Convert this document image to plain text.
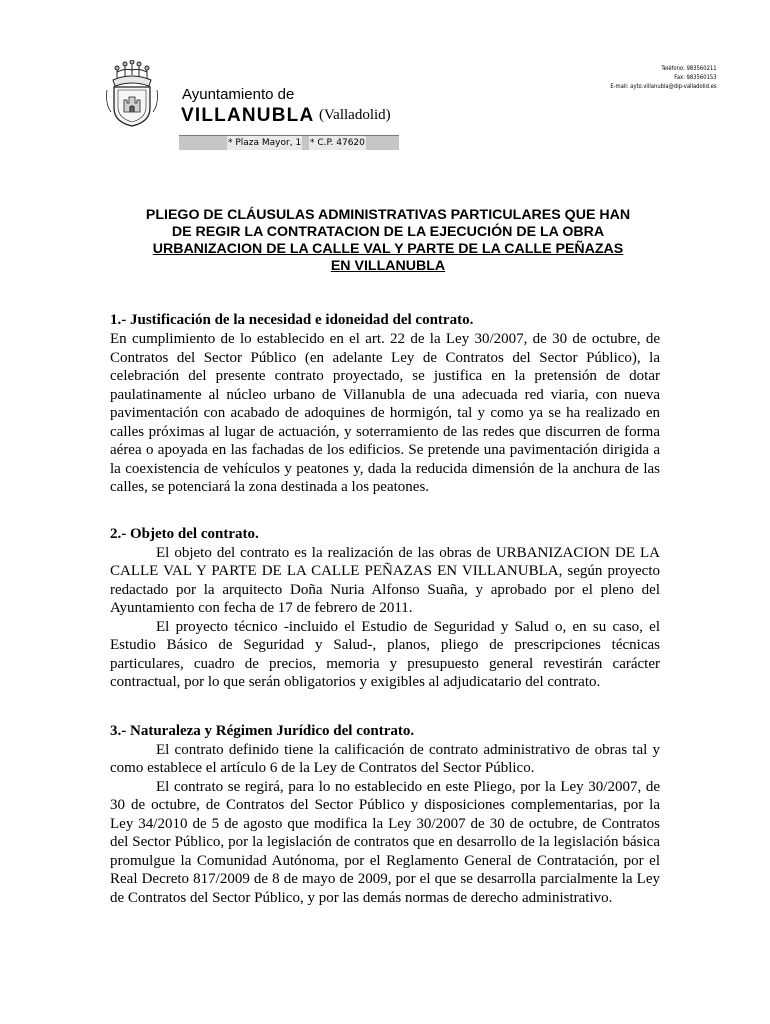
Teléfono: 983560211
Fax: 983560153
E-mail: ayto.villanubla@dip-valladolid.es
Ayuntamiento de
VILLANUBLA (Valladolid)
* Plaza Mayor, 1 * C.P. 47620
PLIEGO DE CLÁUSULAS ADMINISTRATIVAS PARTICULARES QUE HAN
DE REGIR LA CONTRATACION DE LA EJECUCIÓN DE LA OBRA
URBANIZACION DE LA CALLE VAL Y PARTE DE LA CALLE PEÑAZAS
EN VILLANUBLA
1.- Justificación de la necesidad e idoneidad del contrato.

En cumplimiento de lo establecido en el art. 22 de la Ley 30/2007, de 30 de octubre, de Contratos del Sector Público (en adelante Ley de Contratos del Sector Público), la celebración del presente contrato proyectado, se justifica en la pretensión de dotar paulatinamente al núcleo urbano de Villanubla de una adecuada red viaria, con nueva pavimentación con acabado de adoquines de hormigón, tal y como ya se ha realizado en calles próximas al lugar de actuación, y soterramiento de las redes que discurren de forma aérea o apoyada en las fachadas de los edificios. Se pretende una pavimentación dirigida a la coexistencia de vehículos y peatones y, dada la reducida dimensión de la anchura de las calles, se potenciará la zona destinada a los peatones.

2.- Objeto del contrato.

El objeto del contrato es la realización de las obras de URBANIZACION DE LA CALLE VAL Y PARTE DE LA CALLE PEÑAZAS EN VILLANUBLA, según proyecto redactado por la arquitecto Doña Nuria Alfonso Suaña, y aprobado por el pleno del Ayuntamiento con fecha de 17 de febrero de 2011.

El proyecto técnico -incluido el Estudio de Seguridad y Salud o, en su caso, el Estudio Básico de Seguridad y Salud-, planos, pliego de prescripciones técnicas particulares, cuadro de precios, memoria y presupuesto general revestirán carácter contractual, por lo que serán obligatorios y exigibles al adjudicatario del contrato.

3.- Naturaleza y Régimen Jurídico del contrato.

El contrato definido tiene la calificación de contrato administrativo de obras tal y como establece el artículo 6 de la Ley de Contratos del Sector Público.

El contrato se regirá, para lo no establecido en este Pliego, por la Ley 30/2007, de 30 de octubre, de Contratos del Sector Público y disposiciones complementarias, por la Ley 34/2010 de 5 de agosto que modifica la Ley 30/2007 de 30 de octubre, de Contratos del Sector Público, por la legislación de contratos que en desarrollo de la legislación básica promulgue la Comunidad Autónoma, por el Reglamento General de Contratación, por el Real Decreto 817/2009 de 8 de mayo de 2009, por el que se desarrolla parcialmente la Ley de Contratos del Sector Público, y por las demás normas de derecho administrativo.
